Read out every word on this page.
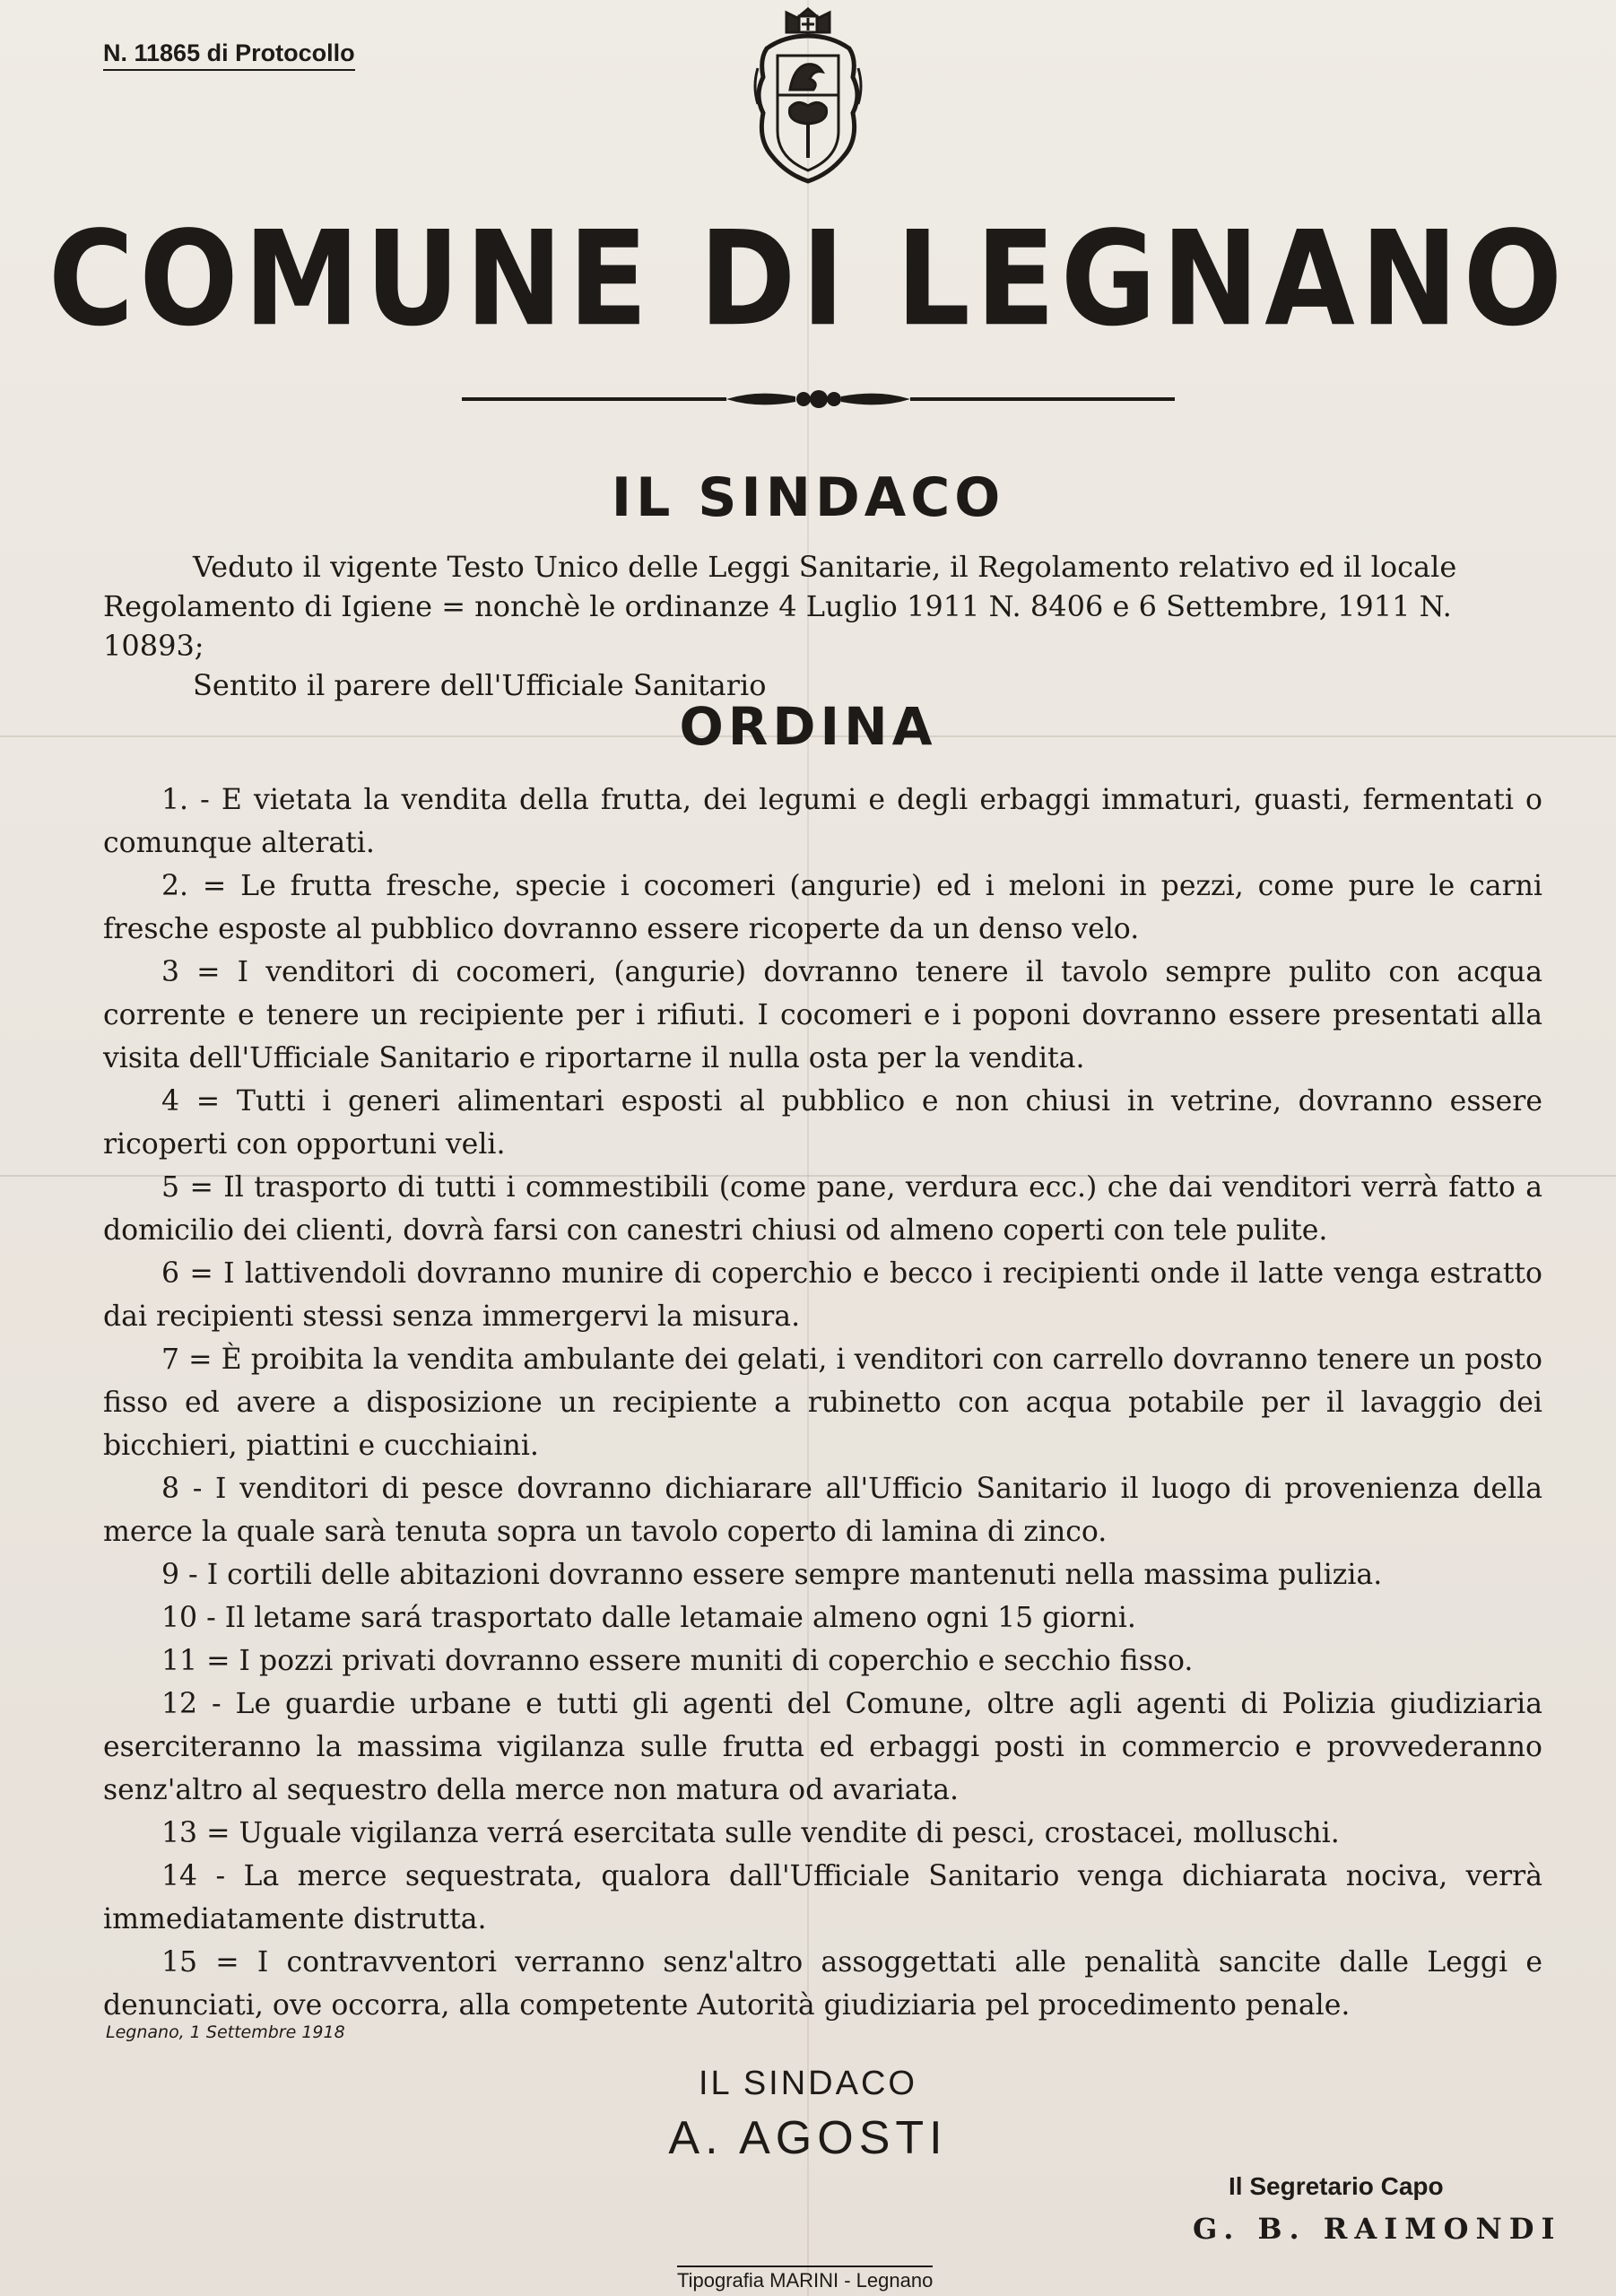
N. 11865 di Protocollo
COMUNE DI LEGNANO
IL SINDACO

Veduto il vigente Testo Unico delle Leggi Sanitarie, il Regolamento relativo ed il locale Regolamento di Igiene = nonchè le ordinanze 4 Luglio 1911 N. 8406 e 6 Settembre, 1911 N. 10893;

Sentito il parere dell'Ufficiale Sanitario

ORDINA

1. - E vietata la vendita della frutta, dei legumi e degli erbaggi immaturi, guasti, fermentati o comunque alterati.

2. = Le frutta fresche, specie i cocomeri (angurie) ed i meloni in pezzi, come pure le carni fresche esposte al pubblico dovranno essere ricoperte da un denso velo.

3 = I venditori di cocomeri, (angurie) dovranno tenere il tavolo sempre pulito con acqua corrente e tenere un recipiente per i rifiuti. I cocomeri e i poponi dovranno essere presentati alla visita dell'Ufficiale Sanitario e riportarne il nulla osta per la vendita.

4 = Tutti i generi alimentari esposti al pubblico e non chiusi in vetrine, dovranno essere ricoperti con opportuni veli.

5 = Il trasporto di tutti i commestibili (come pane, verdura ecc.) che dai venditori verrà fatto a domicilio dei clienti, dovrà farsi con canestri chiusi od almeno coperti con tele pulite.

6 = I lattivendoli dovranno munire di coperchio e becco i recipienti onde il latte venga estratto dai recipienti stessi senza immergervi la misura.

7 = È proibita la vendita ambulante dei gelati, i venditori con carrello dovranno tenere un posto fisso ed avere a disposizione un recipiente a rubinetto con acqua potabile per il lavaggio dei bicchieri, piattini e cucchiaini.

8 - I venditori di pesce dovranno dichiarare all'Ufficio Sanitario il luogo di provenienza della merce la quale sarà tenuta sopra un tavolo coperto di lamina di zinco.

9 - I cortili delle abitazioni dovranno essere sempre mantenuti nella massima pulizia.

10 - Il letame sará trasportato dalle letamaie almeno ogni 15 giorni.

11 = I pozzi privati dovranno essere muniti di coperchio e secchio fisso.

12 - Le guardie urbane e tutti gli agenti del Comune, oltre agli agenti di Polizia giudiziaria eserciteranno la massima vigilanza sulle frutta ed erbaggi posti in commercio e provvederanno senz'altro al sequestro della merce non matura od avariata.

13 = Uguale vigilanza verrá esercitata sulle vendite di pesci, crostacei, molluschi.

14 - La merce sequestrata, qualora dall'Ufficiale Sanitario venga dichiarata nociva, verrà immediatamente distrutta.

15 = I contravventori verranno senz'altro assoggettati alle penalità sancite dalle Leggi e denunciati, ove occorra, alla competente Autorità giudiziaria pel procedimento penale.

Legnano, 1 Settembre 1918
IL SINDACO
A. AGOSTI
Il Segretario Capo
G. B. RAIMONDI
Tipografia MARINI - Legnano
